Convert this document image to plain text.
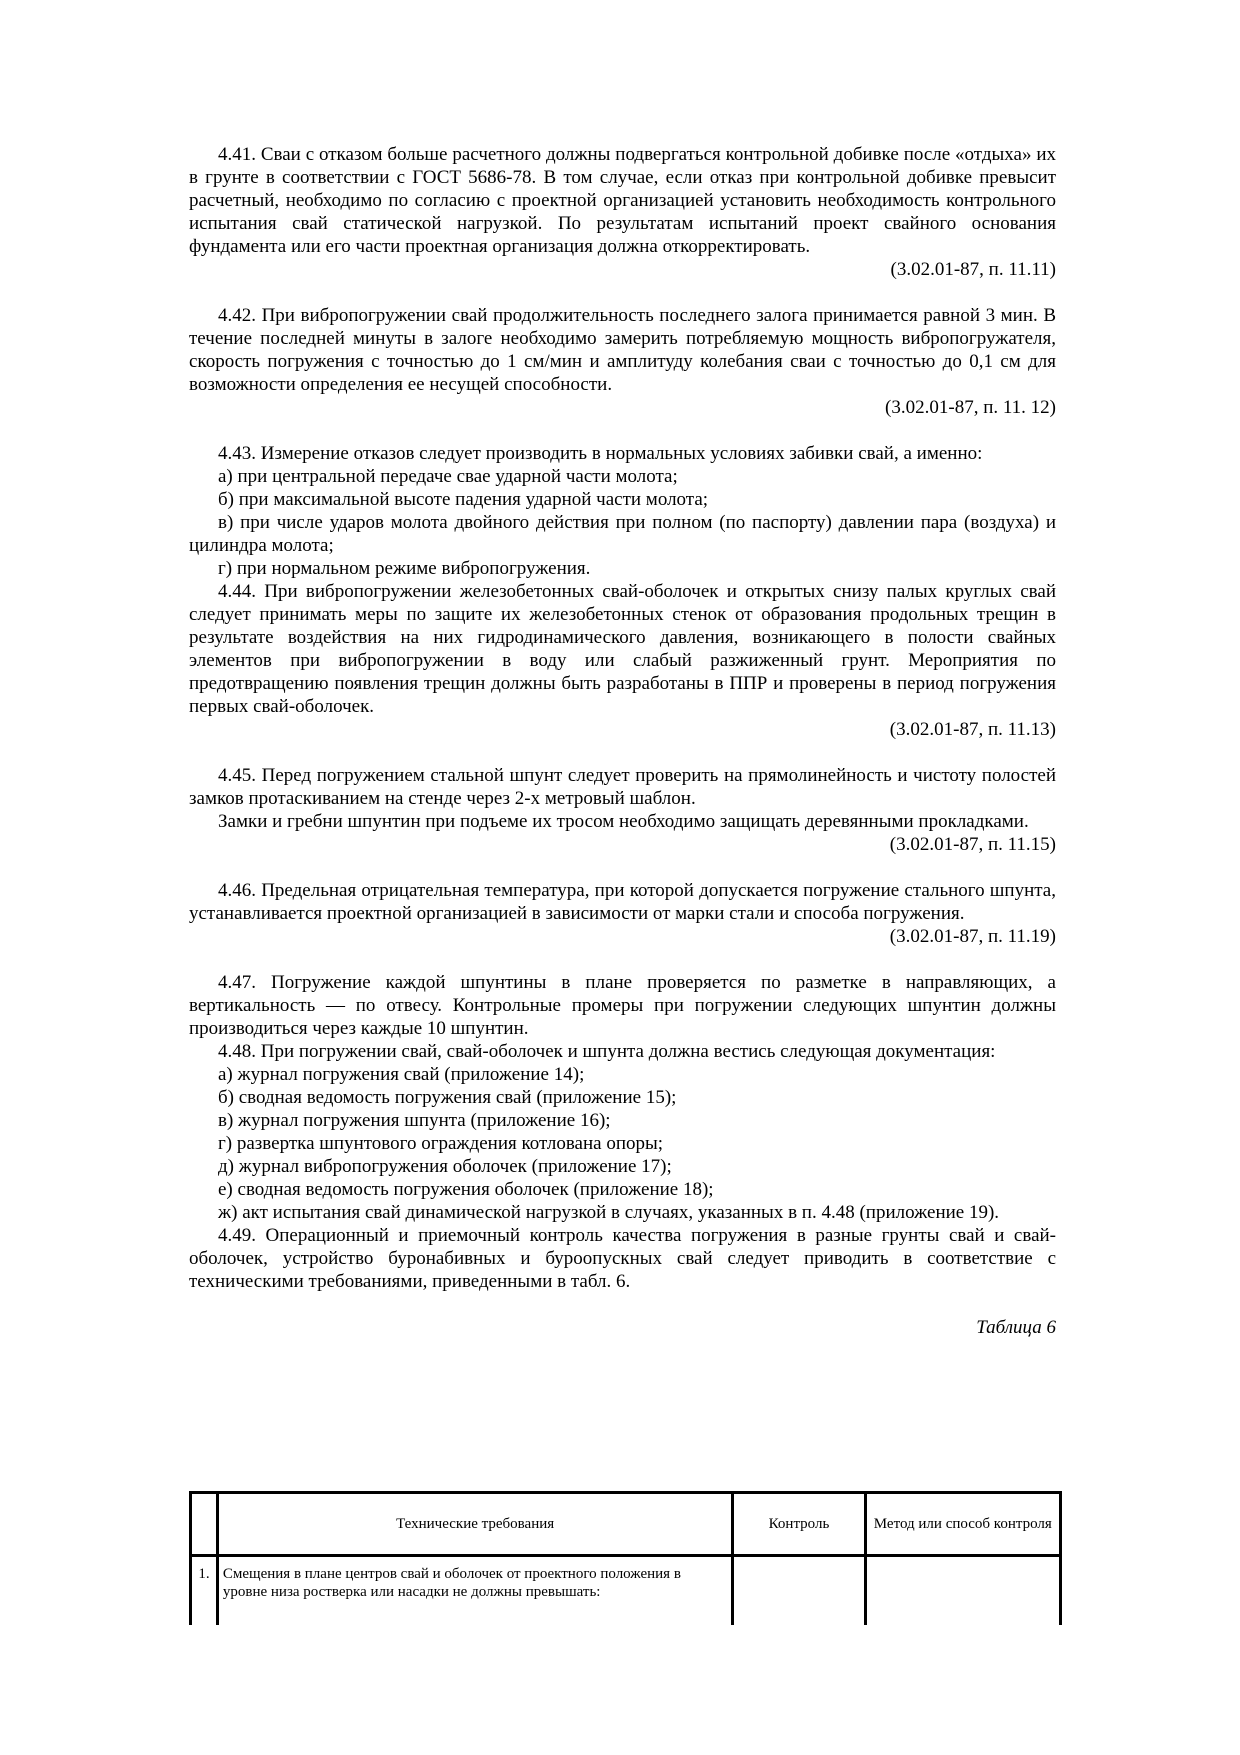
4.41. Сваи с отказом больше расчетного должны подвергаться контрольной добивке после «отдыха» их в грунте в соответствии с ГОСТ 5686-78. В том случае, если отказ при контрольной добивке превысит расчетный, необходимо по согласию с проектной организацией установить необходимость контрольного испытания свай статической нагрузкой. По результатам испытаний проект свайного основания фундамента или его части проектная организация должна откорректировать.
(3.02.01-87, п. 11.11)
4.42. При вибропогружении свай продолжительность последнего залога принимается равной 3 мин. В течение последней минуты в залоге необходимо замерить потребляемую мощность вибропогружателя, скорость погружения с точностью до 1 см/мин и амплитуду колебания сваи с точностью до 0,1 см для возможности определения ее несущей способности.
(3.02.01-87, п. 11. 12)
4.43. Измерение отказов следует производить в нормальных условиях забивки свай, а именно:
а) при центральной передаче свае ударной части молота;
б) при максимальной высоте падения ударной части молота;
в) при числе ударов молота двойного действия при полном (по паспорту) давлении пара (воздуха) и цилиндра молота;
г) при нормальном режиме вибропогружения.
4.44. При вибропогружении железобетонных свай-оболочек и открытых снизу палых круглых свай следует принимать меры по защите их железобетонных стенок от образования продольных трещин в результате воздействия на них гидродинамического давления, возникающего в полости свайных элементов при вибропогружении в воду или слабый разжиженный грунт. Мероприятия по предотвращению появления трещин должны быть разработаны в ППР и проверены в период погружения первых свай-оболочек.
(3.02.01-87, п. 11.13)
4.45. Перед погружением стальной шпунт следует проверить на прямолинейность и чистоту полостей замков протаскиванием на стенде через 2-х метровый шаблон.
Замки и гребни шпунтин при подъеме их тросом необходимо защищать деревянными прокладками.
(3.02.01-87, п. 11.15)
4.46. Предельная отрицательная температура, при которой допускается погружение стального шпунта, устанавливается проектной организацией в зависимости от марки стали и способа погружения.
(3.02.01-87, п. 11.19)
4.47. Погружение каждой шпунтины в плане проверяется по разметке в направляющих, а вертикальность — по отвесу. Контрольные промеры при погружении следующих шпунтин должны производиться через каждые 10 шпунтин.
4.48. При погружении свай, свай-оболочек и шпунта должна вестись следующая документация:
а) журнал погружения свай (приложение 14);
б) сводная ведомость погружения свай (приложение 15);
в) журнал погружения шпунта (приложение 16);
г) развертка шпунтового ограждения котлована опоры;
д) журнал вибропогружения оболочек (приложение 17);
е) сводная ведомость погружения оболочек (приложение 18);
ж) акт испытания свай динамической нагрузкой в случаях, указанных в п. 4.48 (приложение 19).
4.49. Операционный и приемочный контроль качества погружения в разные грунты свай и свай-оболочек, устройство буронабивных и буроопускных свай следует приводить в соответствие с техническими требованиями, приведенными в табл. 6.
Таблица 6
	Технические требования	Контроль	Метод или способ контроля
1.	Смещения в плане центров свай и оболочек от проектного положения в уровне низа ростверка или насадки не должны превышать:		
